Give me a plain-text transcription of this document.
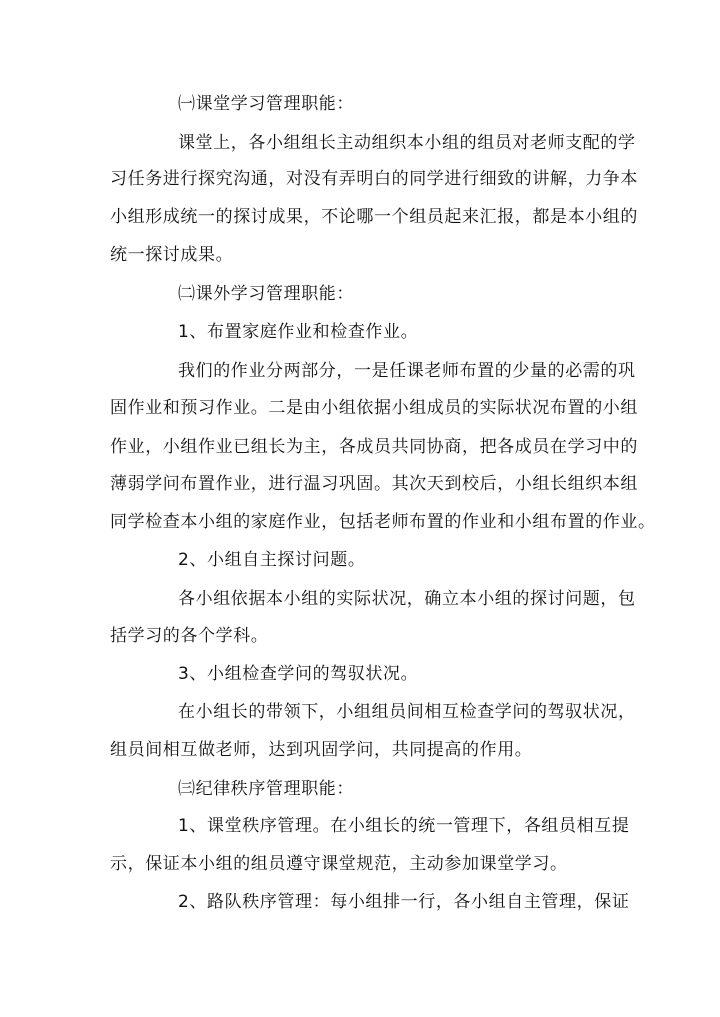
㈠课堂学习管理职能：
课堂上，各小组组长主动组织本小组的组员对老师支配的学
习任务进行探究沟通，对没有弄明白的同学进行细致的讲解，力争本
小组形成统一的探讨成果，不论哪一个组员起来汇报，都是本小组的
统一探讨成果。
㈡课外学习管理职能：
1、布置家庭作业和检查作业。
我们的作业分两部分，一是任课老师布置的少量的必需的巩
固作业和预习作业。二是由小组依据小组成员的实际状况布置的小组
作业，小组作业已组长为主，各成员共同协商，把各成员在学习中的
薄弱学问布置作业，进行温习巩固。其次天到校后，小组长组织本组
同学检查本小组的家庭作业，包括老师布置的作业和小组布置的作业。
2、小组自主探讨问题。
各小组依据本小组的实际状况，确立本小组的探讨问题，包
括学习的各个学科。
3、小组检查学问的驾驭状况。
在小组长的带领下，小组组员间相互检查学问的驾驭状况，
组员间相互做老师，达到巩固学问，共同提高的作用。
㈢纪律秩序管理职能：
1、课堂秩序管理。在小组长的统一管理下，各组员相互提
示，保证本小组的组员遵守课堂规范，主动参加课堂学习。
2、路队秩序管理：每小组排一行，各小组自主管理，保证
